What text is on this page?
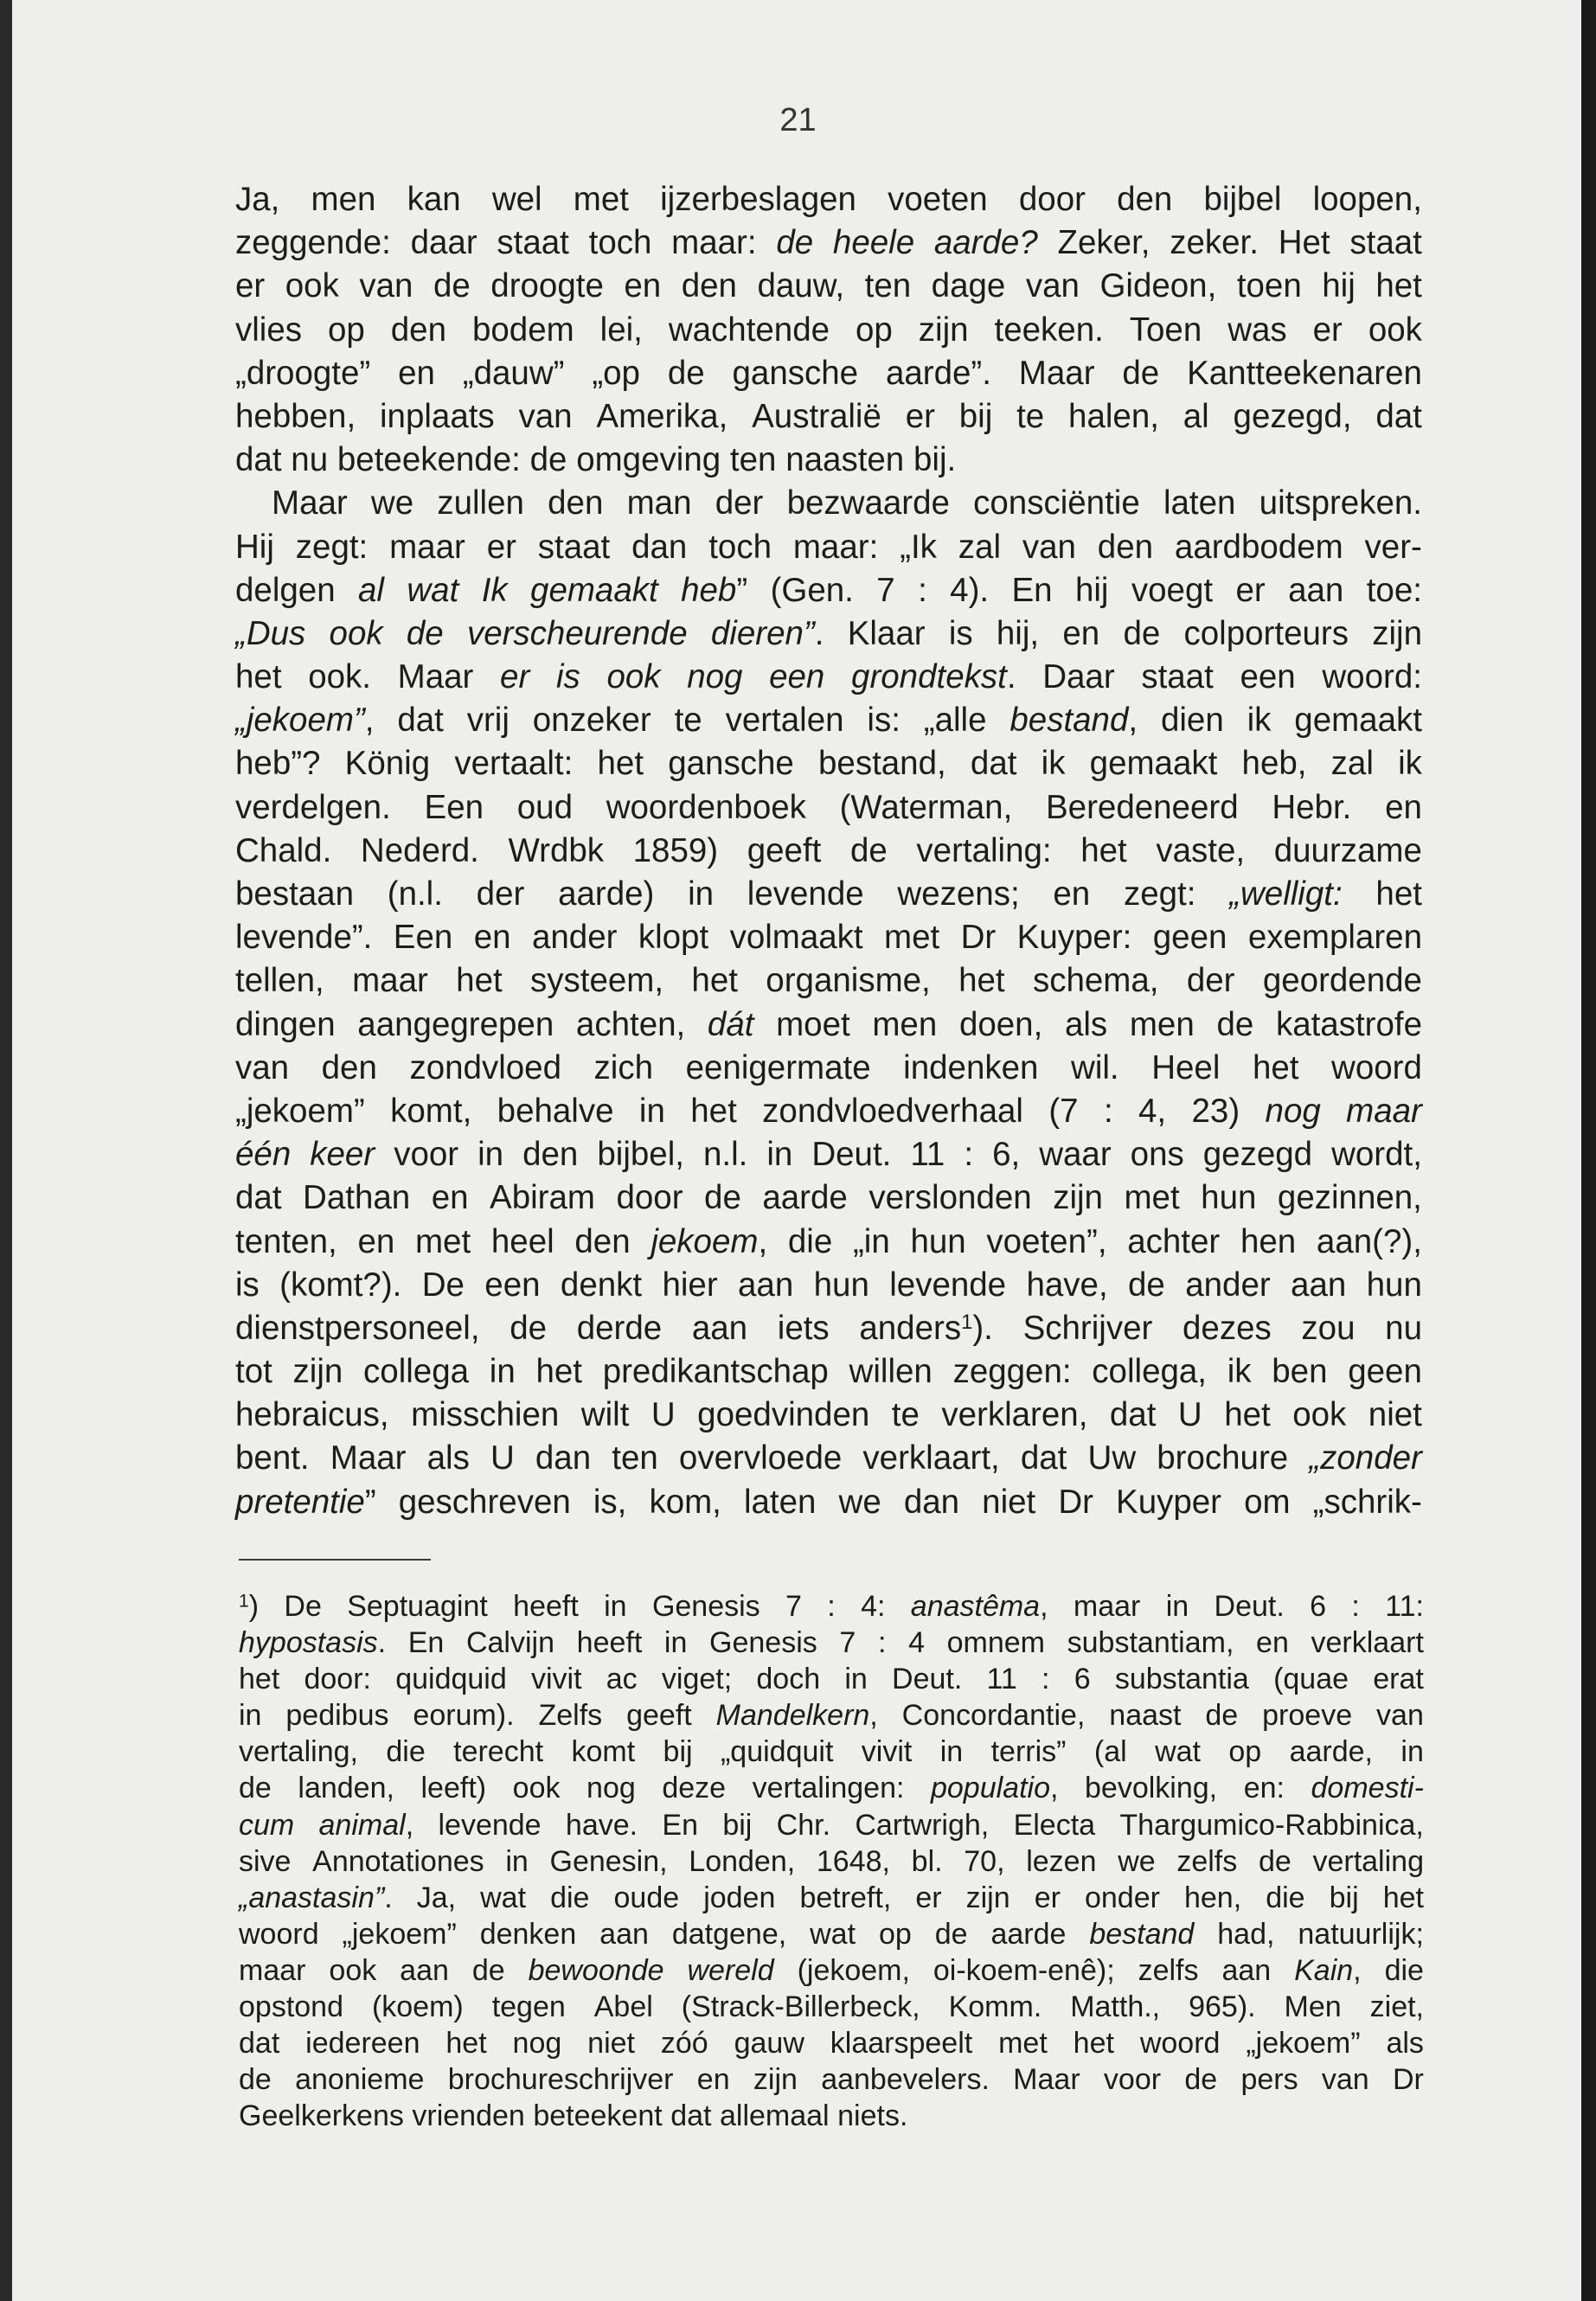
21
Ja, men kan wel met ijzerbeslagen voeten door den bijbel loopen,
zeggende: daar staat toch maar: de heele aarde? Zeker, zeker. Het staat
er ook van de droogte en den dauw, ten dage van Gideon, toen hij het
vlies op den bodem lei, wachtende op zijn teeken. Toen was er ook
„droogte” en „dauw” „op de gansche aarde”. Maar de Kantteekenaren
hebben, inplaats van Amerika, Australië er bij te halen, al gezegd, dat
dat nu beteekende: de omgeving ten naasten bij.
Maar we zullen den man der bezwaarde consciëntie laten uitspreken.
Hij zegt: maar er staat dan toch maar: „Ik zal van den aardbodem ver-
delgen al wat Ik gemaakt heb” (Gen. 7 : 4). En hij voegt er aan toe:
„Dus ook de verscheurende dieren”. Klaar is hij, en de colporteurs zijn
het ook. Maar er is ook nog een grondtekst. Daar staat een woord:
„jekoem”, dat vrij onzeker te vertalen is: „alle bestand, dien ik gemaakt
heb”? König vertaalt: het gansche bestand, dat ik gemaakt heb, zal ik
verdelgen. Een oud woordenboek (Waterman, Beredeneerd Hebr. en
Chald. Nederd. Wrdbk 1859) geeft de vertaling: het vaste, duurzame
bestaan (n.l. der aarde) in levende wezens; en zegt: „welligt: het
levende”. Een en ander klopt volmaakt met Dr Kuyper: geen exemplaren
tellen, maar het systeem, het organisme, het schema, der geordende
dingen aangegrepen achten, dát moet men doen, als men de katastrofe
van den zondvloed zich eenigermate indenken wil. Heel het woord
„jekoem” komt, behalve in het zondvloedverhaal (7 : 4, 23) nog maar
één keer voor in den bijbel, n.l. in Deut. 11 : 6, waar ons gezegd wordt,
dat Dathan en Abiram door de aarde verslonden zijn met hun gezinnen,
tenten, en met heel den jekoem, die „in hun voeten”, achter hen aan(?),
is (komt?). De een denkt hier aan hun levende have, de ander aan hun
dienstpersoneel, de derde aan iets anders$^1$). Schrijver dezes zou nu
tot zijn collega in het predikantschap willen zeggen: collega, ik ben geen
hebraicus, misschien wilt U goedvinden te verklaren, dat U het ook niet
bent. Maar als U dan ten overvloede verklaart, dat Uw brochure „zonder
pretentie” geschreven is, kom, laten we dan niet Dr Kuyper om „schrik-
$^1$) De Septuagint heeft in Genesis 7 : 4: anastêma, maar in Deut. 6 : 11:
hypostasis. En Calvijn heeft in Genesis 7 : 4 omnem substantiam, en verklaart
het door: quidquid vivit ac viget; doch in Deut. 11 : 6 substantia (quae erat
in pedibus eorum). Zelfs geeft Mandelkern, Concordantie, naast de proeve van
vertaling, die terecht komt bij „quidquit vivit in terris” (al wat op aarde, in
de landen, leeft) ook nog deze vertalingen: populatio, bevolking, en: domesti-
cum animal, levende have. En bij Chr. Cartwrigh, Electa Thargumico-Rabbinica,
sive Annotationes in Genesin, Londen, 1648, bl. 70, lezen we zelfs de vertaling
„anastasin”. Ja, wat die oude joden betreft, er zijn er onder hen, die bij het
woord „jekoem” denken aan datgene, wat op de aarde bestand had, natuurlijk;
maar ook aan de bewoonde wereld (jekoem, oi-koem-enê); zelfs aan Kain, die
opstond (koem) tegen Abel (Strack-Billerbeck, Komm. Matth., 965). Men ziet,
dat iedereen het nog niet zóó gauw klaarspeelt met het woord „jekoem” als
de anonieme brochureschrijver en zijn aanbevelers. Maar voor de pers van Dr
Geelkerkens vrienden beteekent dat allemaal niets.
